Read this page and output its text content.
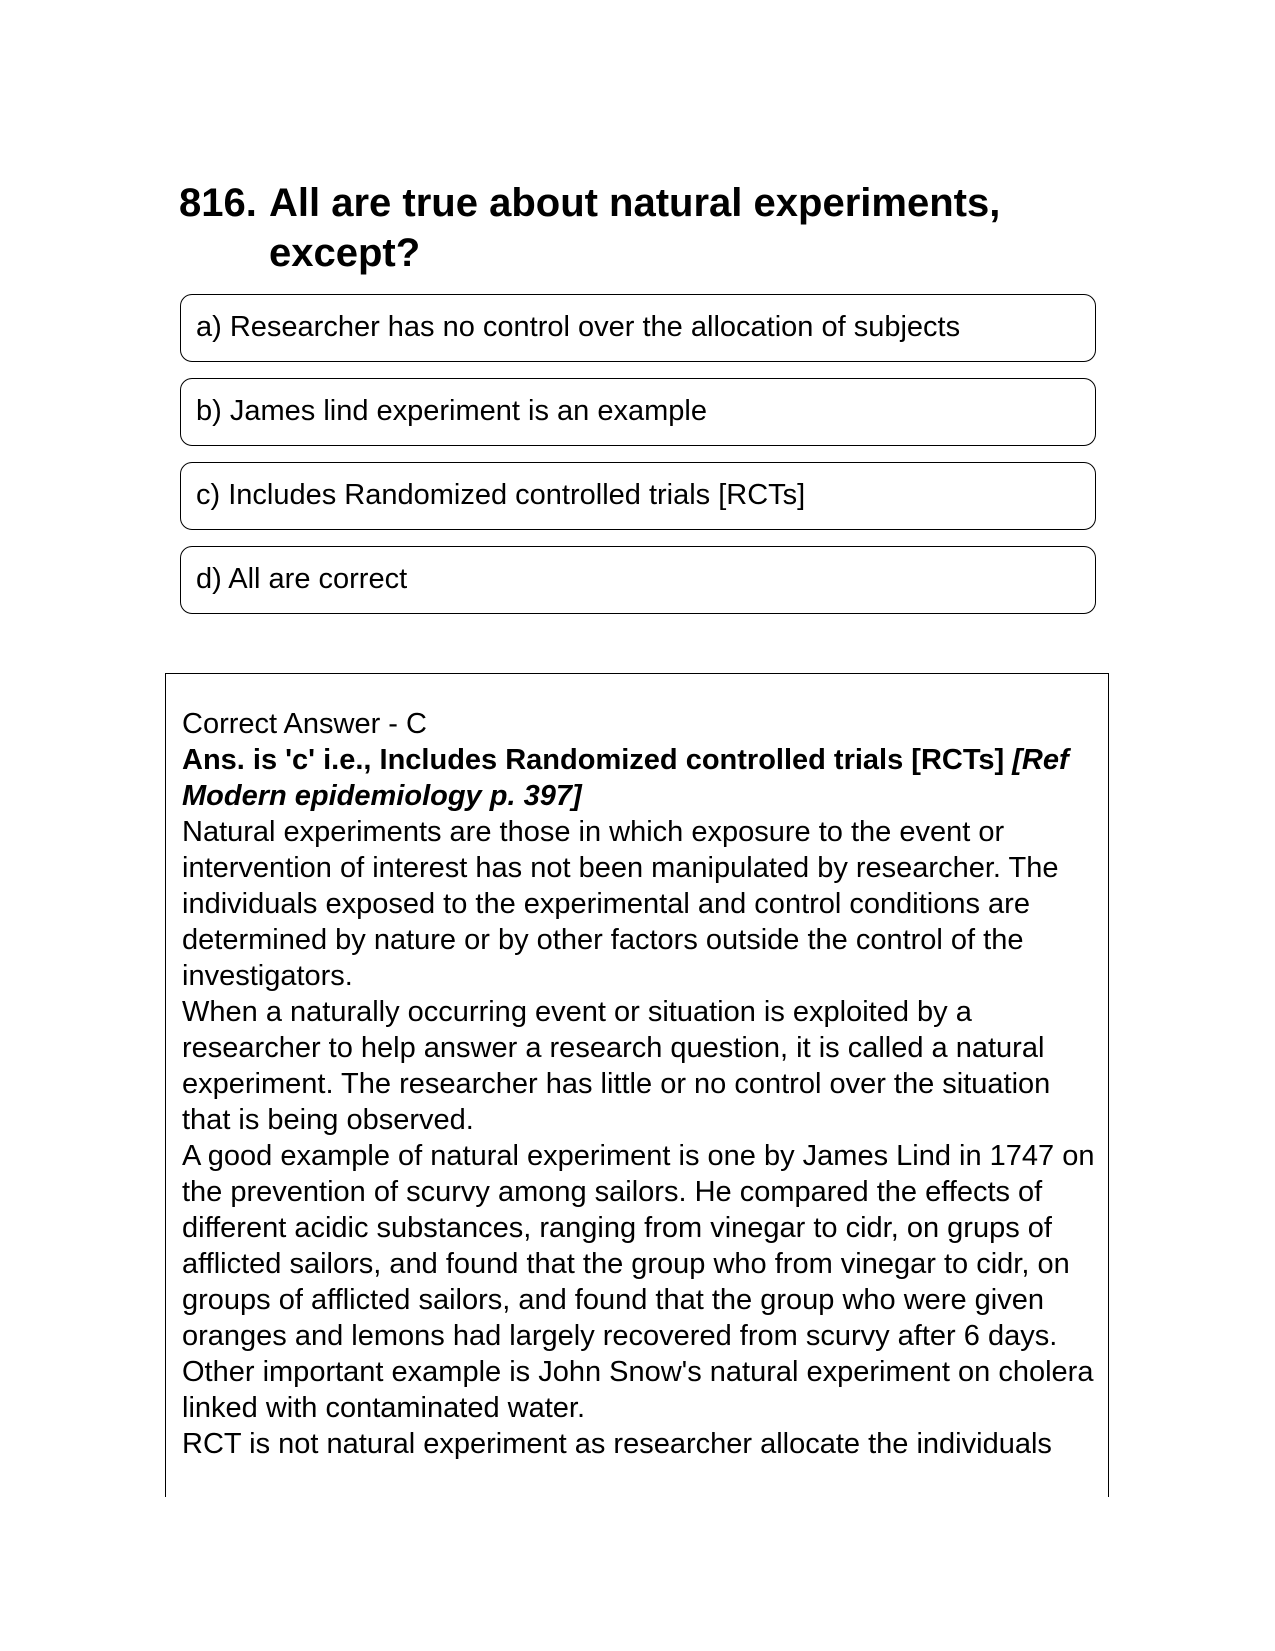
816. All are true about natural experiments, except?
a) Researcher has no control over the allocation of subjects
b) James lind experiment is an example
c) Includes Randomized controlled trials [RCTs]
d) All are correct

Correct Answer - C

Ans. is 'c' i.e., Includes Randomized controlled trials [RCTs] [Ref Modern epidemiology p. 397]

Natural experiments are those in which exposure to the event or intervention of interest has not been manipulated by researcher. The individuals exposed to the experimental and control conditions are determined by nature or by other factors outside the control of the investigators.

When a naturally occurring event or situation is exploited by a researcher to help answer a research question, it is called a natural experiment. The researcher has little or no control over the situation that is being observed.

A good example of natural experiment is one by James Lind in 1747 on the prevention of scurvy among sailors. He compared the effects of different acidic substances, ranging from vinegar to cidr, on grups of afflicted sailors, and found that the group who from vinegar to cidr, on groups of afflicted sailors, and found that the group who were given oranges and lemons had largely recovered from scurvy after 6 days.

Other important example is John Snow's natural experiment on cholera linked with contaminated water.

RCT is not natural experiment as researcher allocate the individuals
